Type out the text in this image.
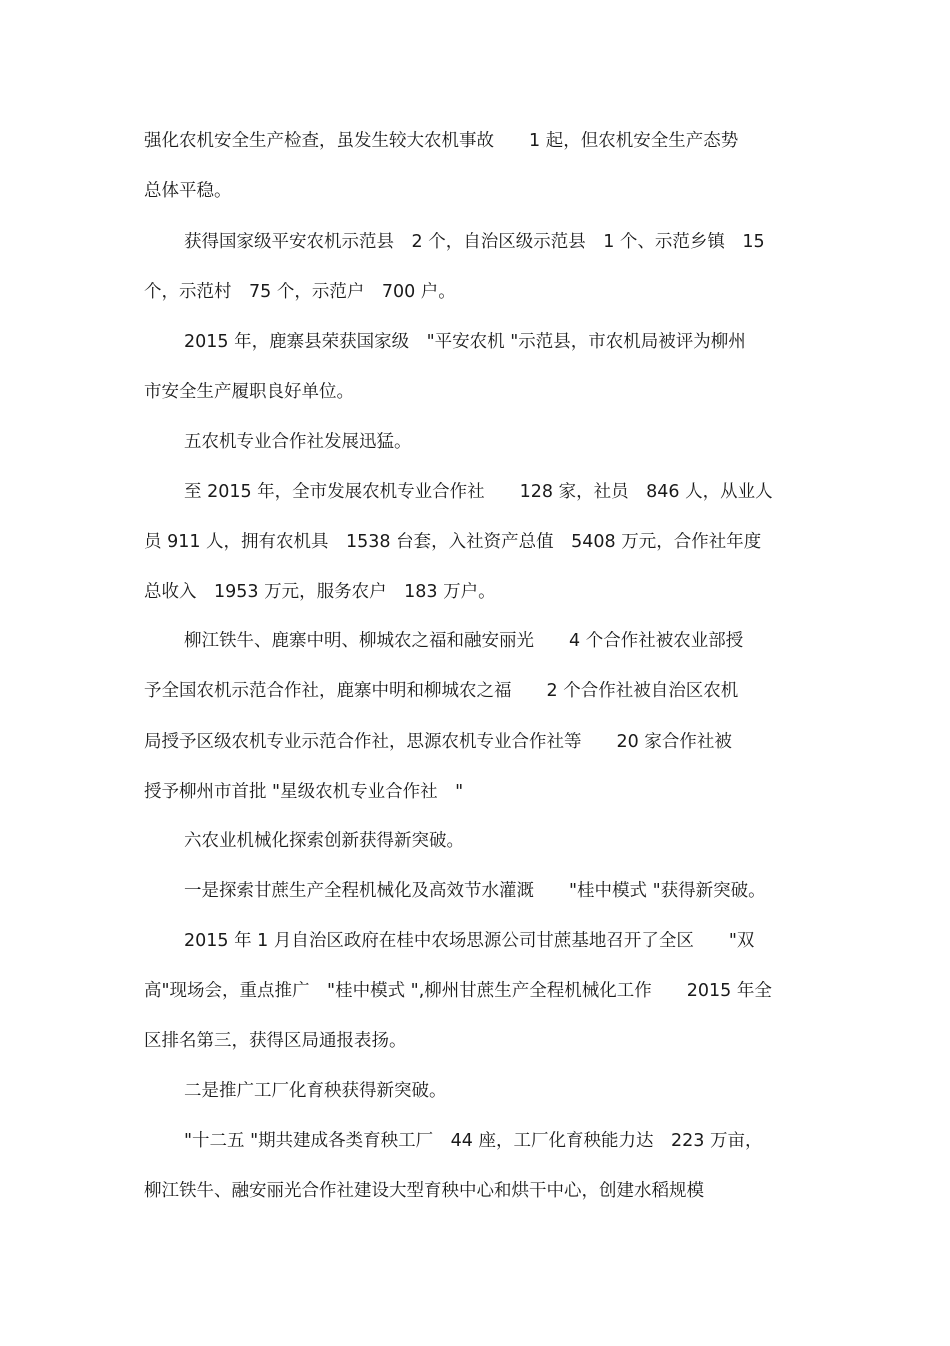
强化农机安全生产检查，虽发生较大农机事故　　1 起，但农机安全生产态势
总体平稳。
获得国家级平安农机示范县　2 个，自治区级示范县　1 个、示范乡镇　15
个，示范村　75 个，示范户　700 户。
2015 年，鹿寨县荣获国家级　"平安农机 "示范县，市农机局被评为柳州
市安全生产履职良好单位。
五农机专业合作社发展迅猛。
至 2015 年，全市发展农机专业合作社　　128 家，社员　846 人，从业人
员 911 人，拥有农机具　1538 台套，入社资产总值　5408 万元，合作社年度
总收入　1953 万元，服务农户　183 万户。
柳江铁牛、鹿寨中明、柳城农之福和融安丽光　　4 个合作社被农业部授
予全国农机示范合作社，鹿寨中明和柳城农之福　　2 个合作社被自治区农机
局授予区级农机专业示范合作社，思源农机专业合作社等　　20 家合作社被
授予柳州市首批 "星级农机专业合作社　"
六农业机械化探索创新获得新突破。
一是探索甘蔗生产全程机械化及高效节水灌溉　　"桂中模式 "获得新突破。
2015 年 1 月自治区政府在桂中农场思源公司甘蔗基地召开了全区　　"双
高"现场会，重点推广　"桂中模式 ",柳州甘蔗生产全程机械化工作　　2015 年全
区排名第三，获得区局通报表扬。
二是推广工厂化育秧获得新突破。
"十二五 "期共建成各类育秧工厂　44 座，工厂化育秧能力达　223 万亩，
柳江铁牛、融安丽光合作社建设大型育秧中心和烘干中心，创建水稻规模
